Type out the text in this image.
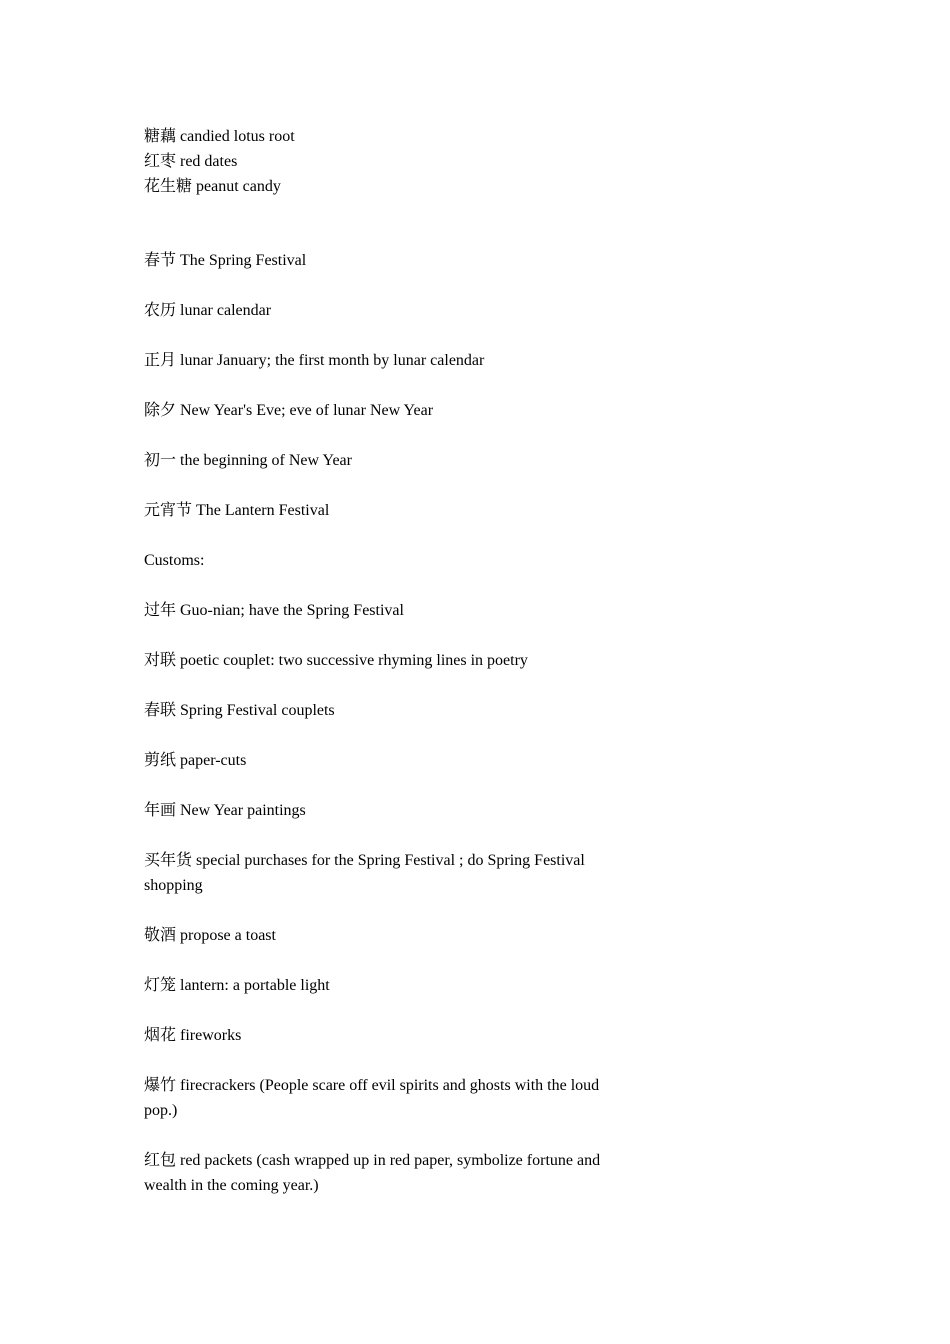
糖藕 candied lotus root
红枣 red dates
花生糖 peanut candy
春节 The Spring Festival
农历 lunar calendar
正月 lunar January; the first month by lunar calendar
除夕 New Year's Eve; eve of lunar New Year
初一 the beginning of New Year
元宵节 The Lantern Festival
Customs:
过年 Guo-nian; have the Spring Festival
对联 poetic couplet: two successive rhyming lines in poetry
春联 Spring Festival couplets
剪纸 paper-cuts
年画 New Year paintings
买年货 special purchases for the Spring Festival ; do Spring Festival shopping
敬酒 propose a toast
灯笼 lantern: a portable light
烟花 fireworks
爆竹 firecrackers (People scare off evil spirits and ghosts with the loud pop.)
红包 red packets (cash wrapped up in red paper, symbolize fortune and wealth in the coming year.)
